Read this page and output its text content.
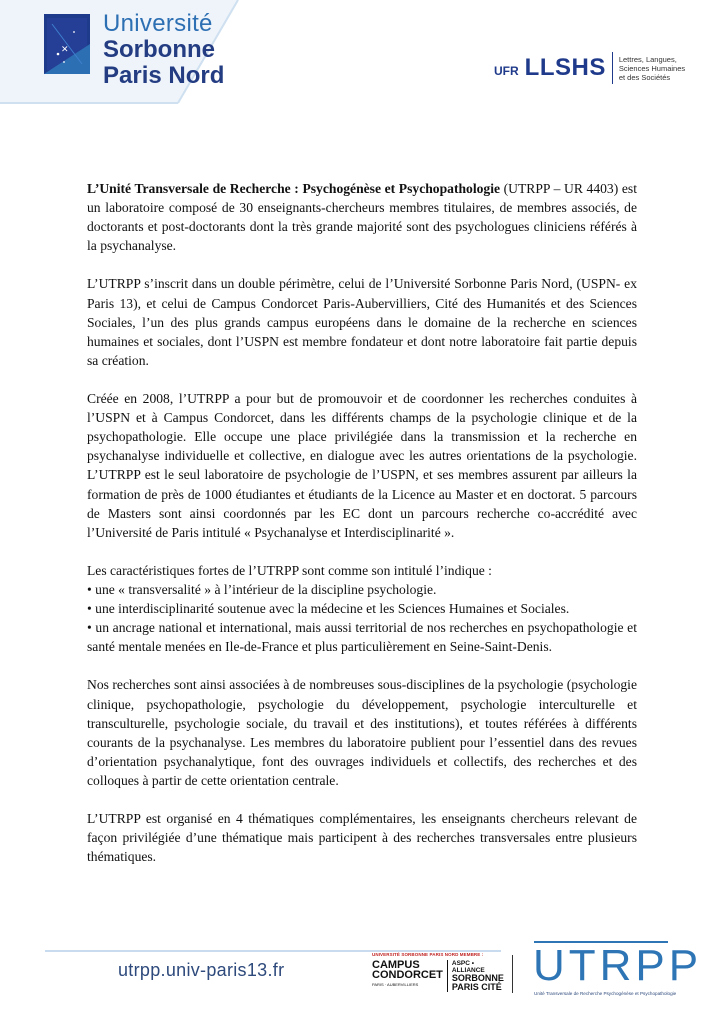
✕
Université
Sorbonne
Paris Nord	UFR LLSHS Lettres, Langues,
Sciences Humaines
et des Sociétés

L’Unité Transversale de Recherche : Psychogénèse et Psychopathologie (UTRPP – UR 4403) est un laboratoire composé de 30 enseignants-chercheurs membres titulaires, de membres associés, de doctorants et post-doctorants dont la très grande majorité sont des psychologues cliniciens référés à la psychanalyse.

L’UTRPP s’inscrit dans un double périmètre, celui de l’Université Sorbonne Paris Nord, (USPN- ex Paris 13), et celui de Campus Condorcet Paris-Aubervilliers, Cité des Humanités et des Sciences Sociales, l’un des plus grands campus européens dans le domaine de la recherche en sciences humaines et sociales, dont l’USPN est membre fondateur et dont notre laboratoire fait partie depuis sa création.

Créée en 2008, l’UTRPP a pour but de promouvoir et de coordonner les recherches conduites à l’USPN et à Campus Condorcet, dans les différents champs de la psychologie clinique et de la psychopathologie. Elle occupe une place privilégiée dans la transmission et la recherche en psychanalyse individuelle et collective, en dialogue avec les autres orientations de la psychologie. L’UTRPP est le seul laboratoire de psychologie de l’USPN, et ses membres assurent par ailleurs la formation de près de 1000 étudiantes et étudiants de la Licence au Master et en doctorat. 5 parcours de Masters sont ainsi coordonnés par les EC dont un parcours recherche co-accrédité avec l’Université de Paris intitulé « Psychanalyse et Interdisciplinarité ».

Les caractéristiques fortes de l’UTRPP sont comme son intitulé l’indique :
• une « transversalité » à l’intérieur de la discipline psychologie.
• une interdisciplinarité soutenue avec la médecine et les Sciences Humaines et Sociales.
• un ancrage national et international, mais aussi territorial de nos recherches en psychopathologie et santé mentale menées en Ile-de-France et plus particulièrement en Seine-Saint-Denis.

Nos recherches sont ainsi associées à de nombreuses sous-disciplines de la psychologie (psychologie clinique, psychopathologie, psychologie du développement, psychologie interculturelle et transculturelle, psychologie sociale, du travail et des institutions), et toutes référées à différents courants de la psychanalyse. Les membres du laboratoire publient pour l’essentiel dans des revues d’orientation psychanalytique, font des ouvrages individuels et collectifs, des recherches et des colloques à partir de cette orientation centrale.

L’UTRPP est organisé en 4 thématiques complémentaires, les enseignants chercheurs relevant de façon privilégiée d’une thématique mais participent à des recherches transversales entre plusieurs thématiques.

utrpp.univ-paris13.fr
UNIVERSITÉ SORBONNE PARIS NORD MEMBRE :
CAMPUS
CONDORCET
PARIS · AUBERVILLIERS
ASPC • ALLIANCE
SORBONNE
PARIS CITÉ UTRPP
Unité Transversale de Recherche Psychogénèse et Psychopathologie
